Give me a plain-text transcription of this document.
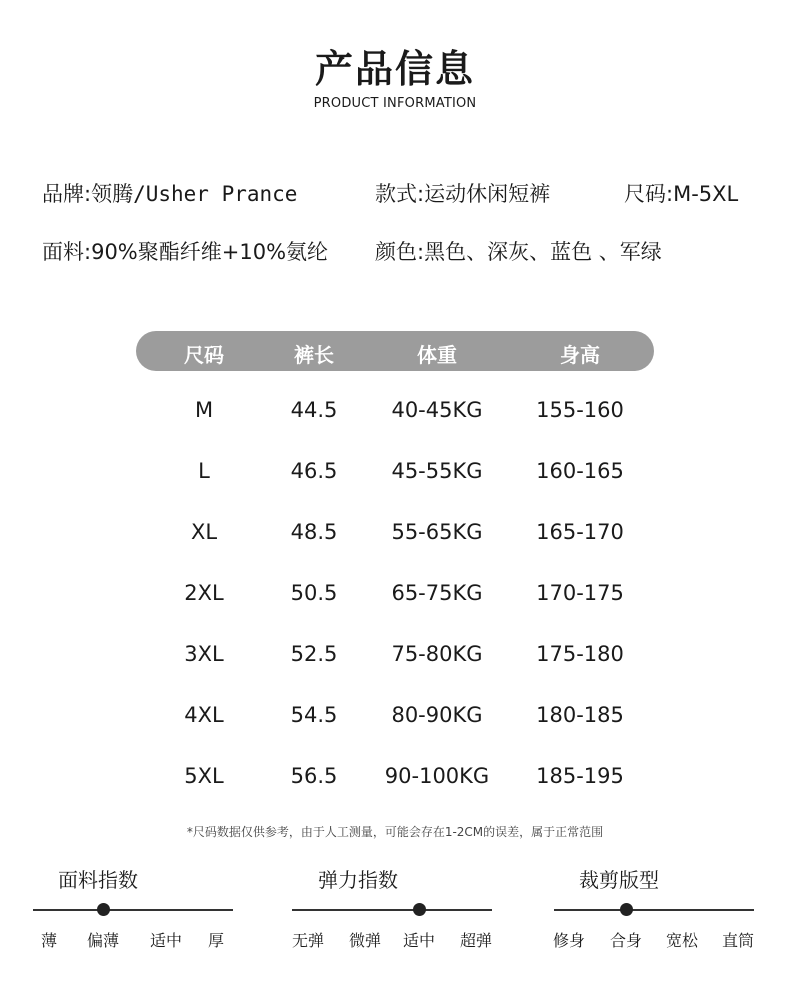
产品信息
PRODUCT INFORMATION
品牌:领腾/Usher Prance	款式:运动休闲短裤	尺码:M-5XL
面料:90%聚酯纤维+10%氨纶 颜色:黑色、深灰、蓝色 、军绿
尺码	裤长	体重	身高
M	44.5	40-45KG	155-160
L	46.5	45-55KG	160-165
XL	48.5	55-65KG	165-170
2XL	50.5	65-75KG	170-175
3XL	52.5	75-80KG	175-180
4XL	54.5	80-90KG	180-185
5XL	56.5 90-100KG 185-195
*尺码数据仅供参考，由于人工测量，可能会存在1-2CM的误差，属于正常范围
面料指数
薄 偏薄 适中 厚
弹力指数
无弹 微弹 适中 超弹
裁剪版型
修身 合身 宽松 直筒
